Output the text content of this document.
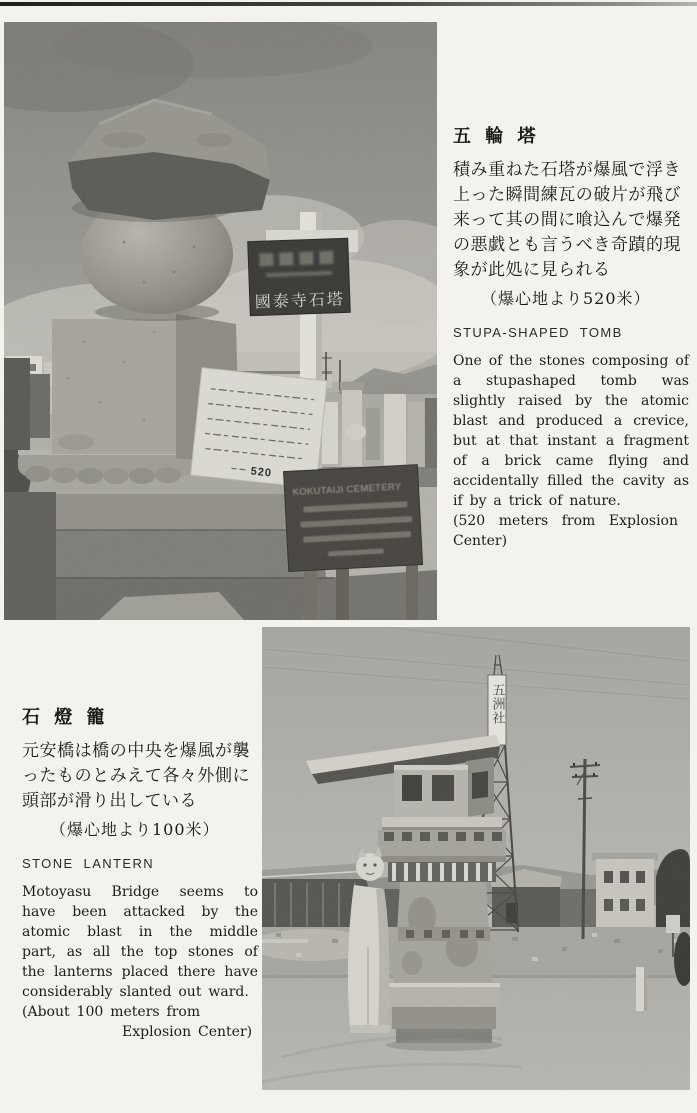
五 輪 塔

積み重ねた石塔が爆風で浮き上った瞬間練瓦の破片が飛び来って其の間に喰込んで爆発の悪戯とも言うべき奇蹟的現象が此処に見られる

（爆心地より520米）

STUPA-SHAPED TOMB

One of the stones composing of a stupashaped tomb was slightly raised by the atomic blast and produced a crevice, but at that instant a fragment of a brick came flying and accidentally filled the cavity as if by a trick of nature.

(520 meters from Explosion Center)

石 燈 籠

元安橋は橋の中央を爆風が襲ったものとみえて各々外側に頭部が滑り出している

（爆心地より100米）

STONE LANTERN

Motoyasu Bridge seems to have been attacked by the atomic blast in the middle part, as all the top stones of the lanterns placed there have considerably slanted out ward.

(About 100 meters from

Explosion Center)
